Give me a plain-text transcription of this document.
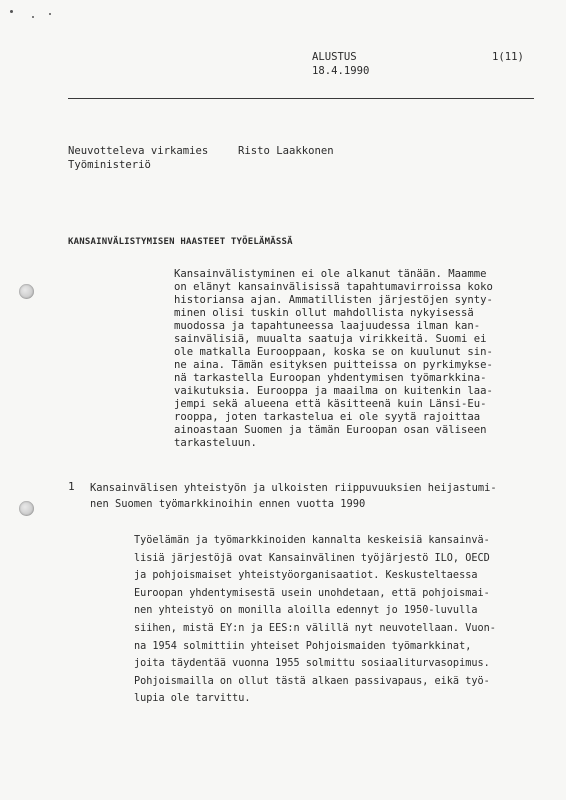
ALUSTUS
18.4.1990
1(11)
Neuvotteleva virkamies	Risto Laakkonen
Työministeriö
KANSAINVÄLISTYMISEN HAASTEET TYÖELÄMÄSSÄ
Kansainvälistyminen ei ole alkanut tänään. Maamme
on elänyt kansainvälisissä tapahtumavirroissa koko
historiansa ajan. Ammatillisten järjestöjen synty-
minen olisi tuskin ollut mahdollista nykyisessä
muodossa ja tapahtuneessa laajuudessa ilman kan-
sainvälisiä, muualta saatuja virikkeitä. Suomi ei
ole matkalla Eurooppaan, koska se on kuulunut sin-
ne aina. Tämän esityksen puitteissa on pyrkimykse-
nä tarkastella Euroopan yhdentymisen työmarkkina-
vaikutuksia. Eurooppa ja maailma on kuitenkin laa-
jempi sekä alueena että käsitteenä kuin Länsi-Eu-
rooppa, joten tarkastelua ei ole syytä rajoittaa
ainoastaan Suomen ja tämän Euroopan osan väliseen
tarkasteluun.
1 Kansainvälisen yhteistyön ja ulkoisten riippuvuuksien heijastumi-
nen Suomen työmarkkinoihin ennen vuotta 1990
Työelämän ja työmarkkinoiden kannalta keskeisiä kansainvä-
lisiä järjestöjä ovat Kansainvälinen työjärjestö ILO, OECD
ja pohjoismaiset yhteistyöorganisaatiot. Keskusteltaessa
Euroopan yhdentymisestä usein unohdetaan, että pohjoismai-
nen yhteistyö on monilla aloilla edennyt jo 1950-luvulla
siihen, mistä EY:n ja EES:n välillä nyt neuvotellaan. Vuon-
na 1954 solmittiin yhteiset Pohjoismaiden työmarkkinat,
joita täydentää vuonna 1955 solmittu sosiaaliturvasopimus.
Pohjoismailla on ollut tästä alkaen passivapaus, eikä työ-
lupia ole tarvittu.
